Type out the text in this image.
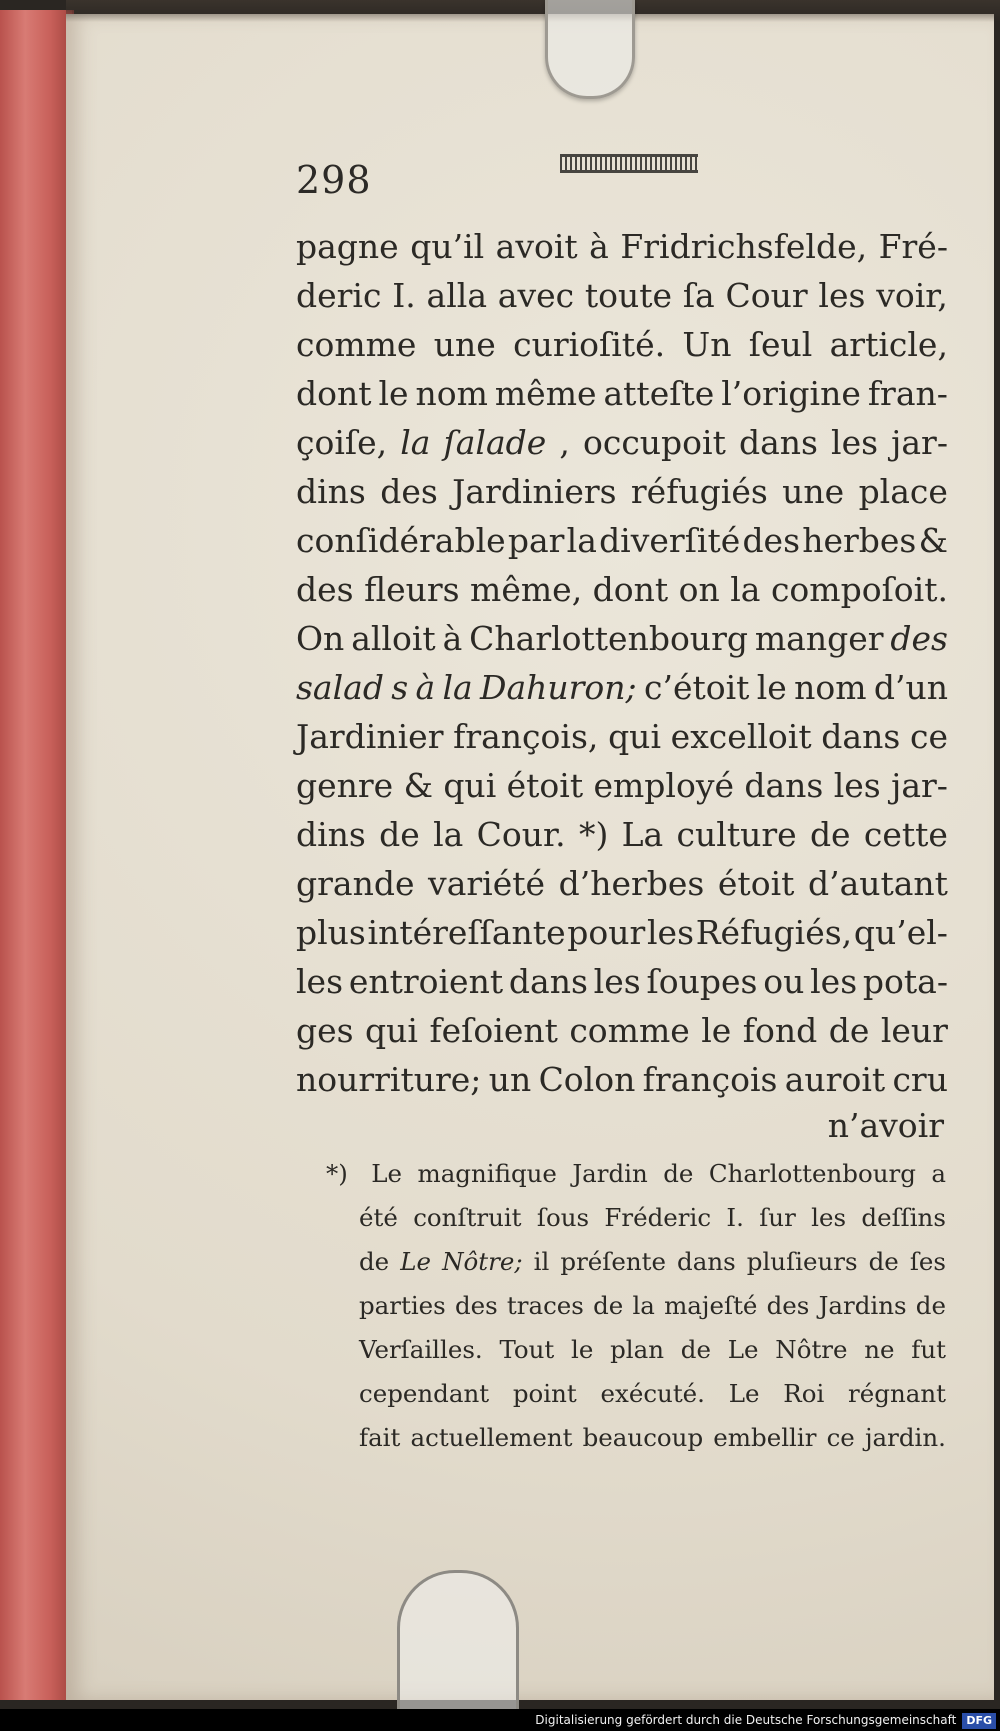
298
pagne qu’il avoit à Fridrichsfelde, Fré-
deric I. alla avec toute ſa Cour les voir,
comme une curioſité. Un ſeul article,
dont le nom même atteſte l’origine fran-
çoiſe, la ſalade , occupoit dans les jar-
dins des Jardiniers réfugiés une place
conſidérable par la diverſité des herbes &
des fleurs même, dont on la compoſoit.
On alloit à Charlottenbourg manger des
salad s à la Dahuron; c’étoit le nom d’un
Jardinier françois, qui excelloit dans ce
genre & qui étoit employé dans les jar-
dins de la Cour. *) La culture de cette
grande variété d’herbes étoit d’autant
plus intéreſſante pour les Réfugiés, qu’el-
les entroient dans les ſoupes ou les pota-
ges qui feſoient comme le fond de leur
nourriture; un Colon françois auroit cru
n’avoir
*) Le magnifique Jardin de Charlottenbourg a
été conſtruit ſous Fréderic I. ſur les deſſins
de Le Nôtre; il préſente dans pluſieurs de ſes
parties des traces de la majeſté des Jardins de
Verſailles. Tout le plan de Le Nôtre ne fut
cependant point exécuté. Le Roi régnant
fait actuellement beaucoup embellir ce jardin.
Digitalisierung gefördert durch die Deutsche Forschungsgemeinschaft DFG
